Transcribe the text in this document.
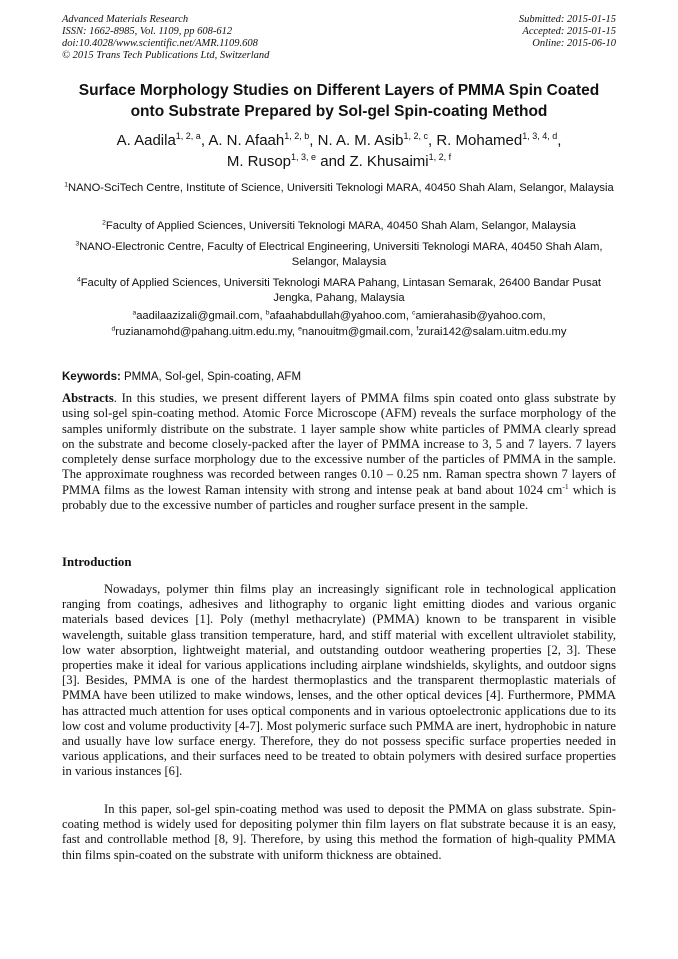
Advanced Materials Research
ISSN: 1662-8985, Vol. 1109, pp 608-612
doi:10.4028/www.scientific.net/AMR.1109.608
© 2015 Trans Tech Publications Ltd, Switzerland
Submitted: 2015-01-15
Accepted: 2015-01-15
Online: 2015-06-10
Surface Morphology Studies on Different Layers of PMMA Spin Coated onto Substrate Prepared by Sol-gel Spin-coating Method
A. Aadila$^{1, 2, a}$, A. N. Afaah$^{1, 2, b}$, N. A. M. Asib$^{1, 2, c}$, R. Mohamed$^{1, 3, 4, d}$,
M. Rusop$^{1, 3, e}$ and Z. Khusaimi$^{1, 2, f}$

$^1$NANO-SciTech Centre, Institute of Science, Universiti Teknologi MARA, 40450 Shah Alam, Selangor, Malaysia

$^2$Faculty of Applied Sciences, Universiti Teknologi MARA, 40450 Shah Alam, Selangor, Malaysia

$^3$NANO-Electronic Centre, Faculty of Electrical Engineering, Universiti Teknologi MARA, 40450 Shah Alam, Selangor, Malaysia

$^4$Faculty of Applied Sciences, Universiti Teknologi MARA Pahang, Lintasan Semarak, 26400 Bandar Pusat Jengka, Pahang, Malaysia

$^a$aadilaazizali@gmail.com, $^b$afaahabdullah@yahoo.com, $^c$amierahasib@yahoo.com,
$^d$ruzianamohd@pahang.uitm.edu.my, $^e$nanouitm@gmail.com, $^f$zurai142@salam.uitm.edu.my
Keywords: PMMA, Sol-gel, Spin-coating, AFM

Abstracts. In this studies, we present different layers of PMMA films spin coated onto glass substrate by using sol-gel spin-coating method. Atomic Force Microscope (AFM) reveals the surface morphology of the samples uniformly distribute on the substrate. 1 layer sample show white particles of PMMA clearly spread on the substrate and become closely-packed after the layer of PMMA increase to 3, 5 and 7 layers. 7 layers completely dense surface morphology due to the excessive number of the particles of PMMA in the sample. The approximate roughness was recorded between ranges 0.10 – 0.25 nm. Raman spectra shown 7 layers of PMMA films as the lowest Raman intensity with strong and intense peak at band about 1024 $cm^{-1}$ which is probably due to the excessive number of particles and rougher surface present in the sample.

Introduction

Nowadays, polymer thin films play an increasingly significant role in technological application ranging from coatings, adhesives and lithography to organic light emitting diodes and various organic materials based devices [1]. Poly (methyl methacrylate) (PMMA) known to be transparent in visible wavelength, suitable glass transition temperature, hard, and stiff material with excellent ultraviolet stability, low water absorption, lightweight material, and outstanding outdoor weathering properties [2, 3]. These properties make it ideal for various applications including airplane windshields, skylights, and outdoor signs [3]. Besides, PMMA is one of the hardest thermoplastics and the transparent thermoplastic materials of PMMA have been utilized to make windows, lenses, and the other optical devices [4]. Furthermore, PMMA has attracted much attention for uses optical components and in various optoelectronic applications due to its low cost and volume productivity [4-7]. Most polymeric surface such PMMA are inert, hydrophobic in nature and usually have low surface energy. Therefore, they do not possess specific surface properties needed in various applications, and their surfaces need to be treated to obtain polymers with desired surface properties in various instances [6].

In this paper, sol-gel spin-coating method was used to deposit the PMMA on glass substrate. Spin-coating method is widely used for depositing polymer thin film layers on flat substrate because it is an easy, fast and controllable method [8, 9]. Therefore, by using this method the formation of high-quality PMMA thin films spin-coated on the substrate with uniform thickness are obtained.
